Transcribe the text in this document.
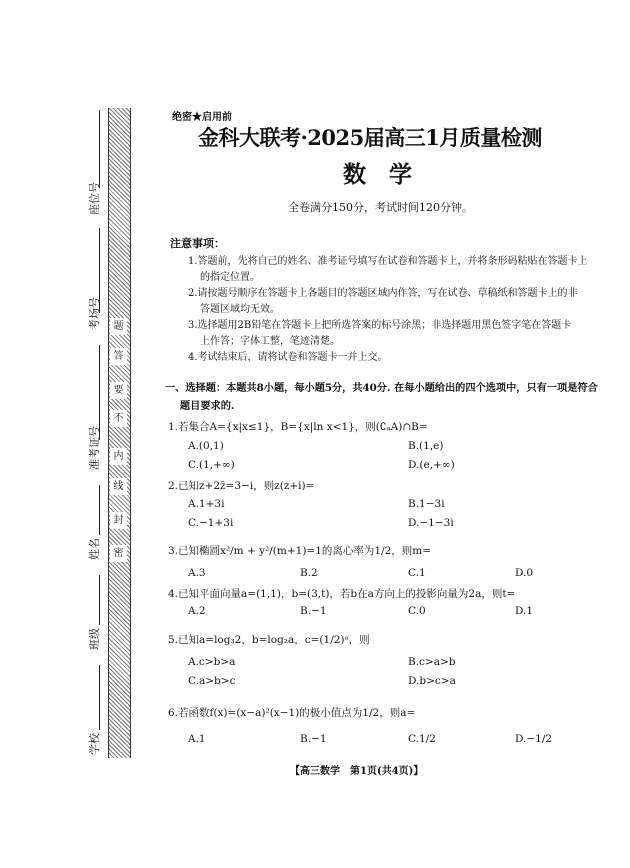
座位号
考场号
准考证号
姓名
班级
学校
题
答
要
不
内
线
封
密
绝密★启用前
金科大联考·2025届高三1月质量检测
数　学
全卷满分150分，考试时间120分钟。
注意事项：
1.答题前，先将自己的姓名、准考证号填写在试卷和答题卡上，并将条形码粘贴在答题卡上
的指定位置。
2.请按题号顺序在答题卡上各题目的答题区域内作答，写在试卷、草稿纸和答题卡上的非
答题区域均无效。
3.选择题用2B铅笔在答题卡上把所选答案的标号涂黑；非选择题用黑色签字笔在答题卡
上作答；字体工整，笔迹清楚。
4.考试结束后，请将试卷和答题卡一并上交。
一、选择题：本题共8小题，每小题5分，共40分. 在每小题给出的四个选项中，只有一项是符合
题目要求的.
1.若集合A={x|x≤1}，B={x|ln x<1}，则(∁ₐA)∩B=
A.(0,1)	B.(1,e)
C.(1,+∞)	D.(e,+∞)
2.已知z+2z̄=3−i，则z(z+i)=
A.1+3i	B.1−3i
C.−1+3i	D.−1−3i
3.已知椭圆x²/m + y²/(m+1)=1的离心率为1/2，则m=
A.3	B.2	C.1	D.0
4.已知平面向量a=(1,1)，b=(3,t)，若b在a方向上的投影向量为2a，则t=
A.2	B.−1	C.0	D.1
5.已知a=log₃2，b=log₂a，c=(1/2)ᵃ，则
A.c>b>a	B.c>a>b
C.a>b>c	D.b>c>a
6.若函数f(x)=(x−a)²(x−1)的极小值点为1/2，则a=
A.1	B.−1	C.1/2	D.−1/2
【高三数学　第1页(共4页)】
